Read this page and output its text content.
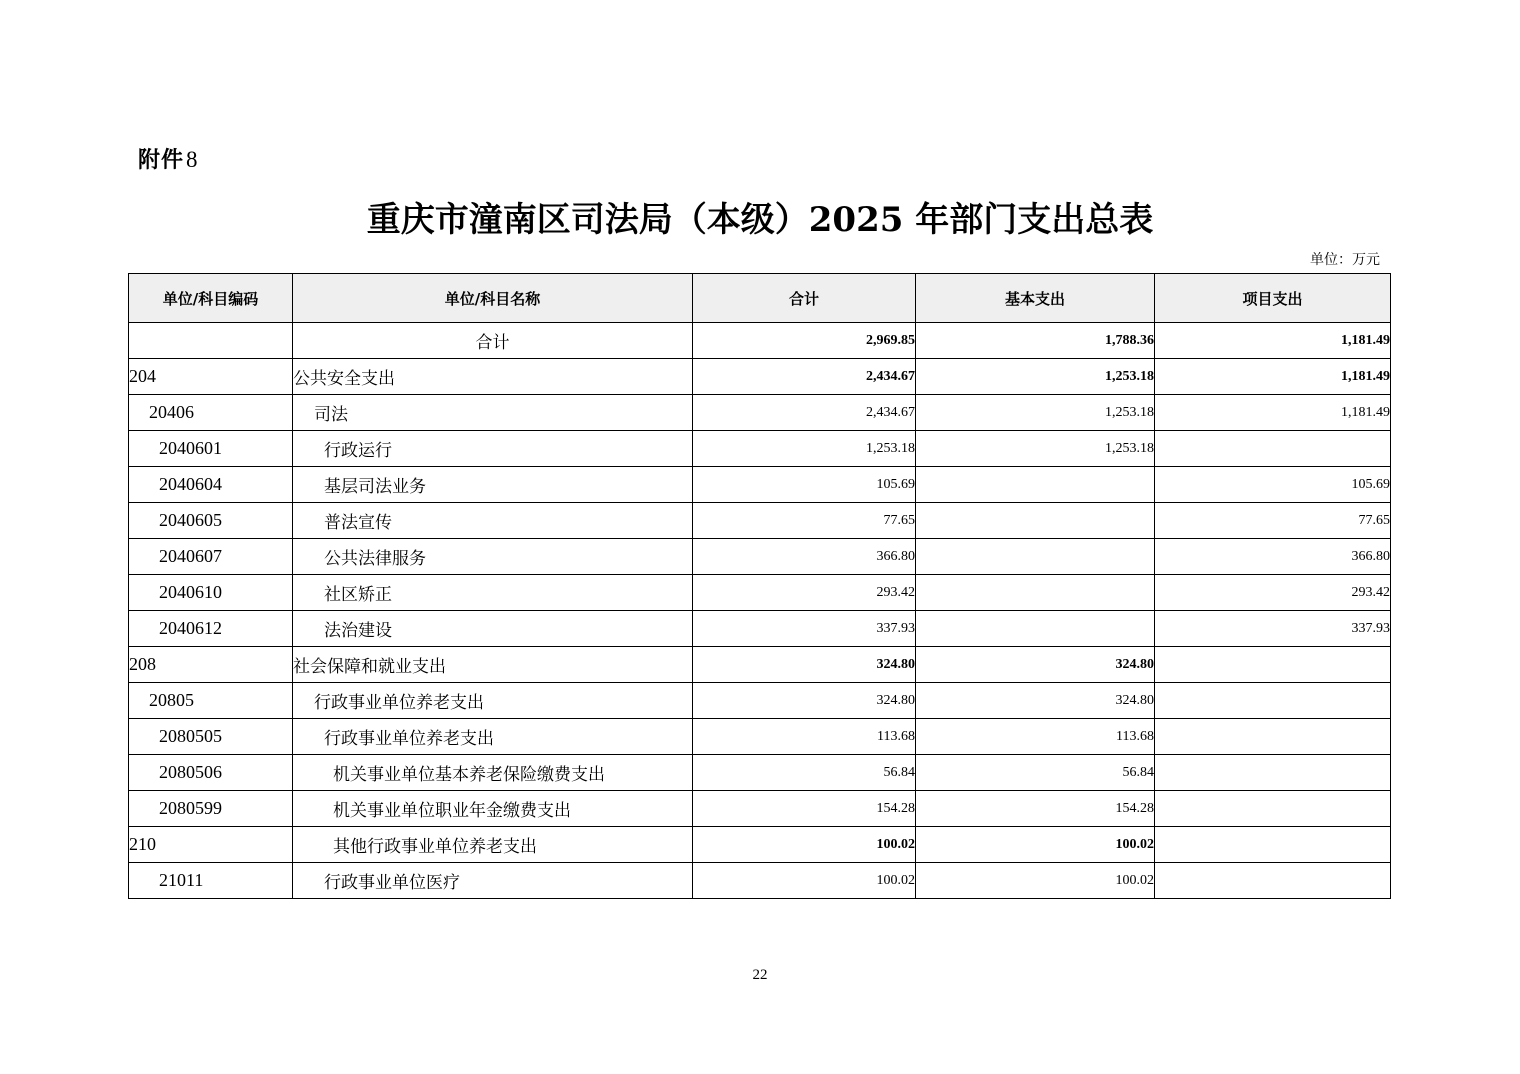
附件8
重庆市潼南区司法局（本级）2025 年部门支出总表
单位：万元
单位/科目编码	单位/科目名称	合计	基本支出	项目支出
	合计	2,969.85	1,788.36	1,181.49
204	公共安全支出	2,434.67	1,253.18	1,181.49
20406	司法	2,434.67	1,253.18	1,181.49
2040601	行政运行	1,253.18	1,253.18	
2040604	基层司法业务	105.69		105.69
2040605	普法宣传	77.65		77.65
2040607	公共法律服务	366.80		366.80
2040610	社区矫正	293.42		293.42
2040612	法治建设	337.93		337.93
208	社会保障和就业支出	324.80	324.80	
20805	行政事业单位养老支出	324.80	324.80	
2080505	行政事业单位养老支出	113.68	113.68	
2080506	机关事业单位基本养老保险缴费支出	56.84	56.84	
2080599	机关事业单位职业年金缴费支出	154.28	154.28	
210	其他行政事业单位养老支出	100.02	100.02	
21011	行政事业单位医疗	100.02	100.02	
22
